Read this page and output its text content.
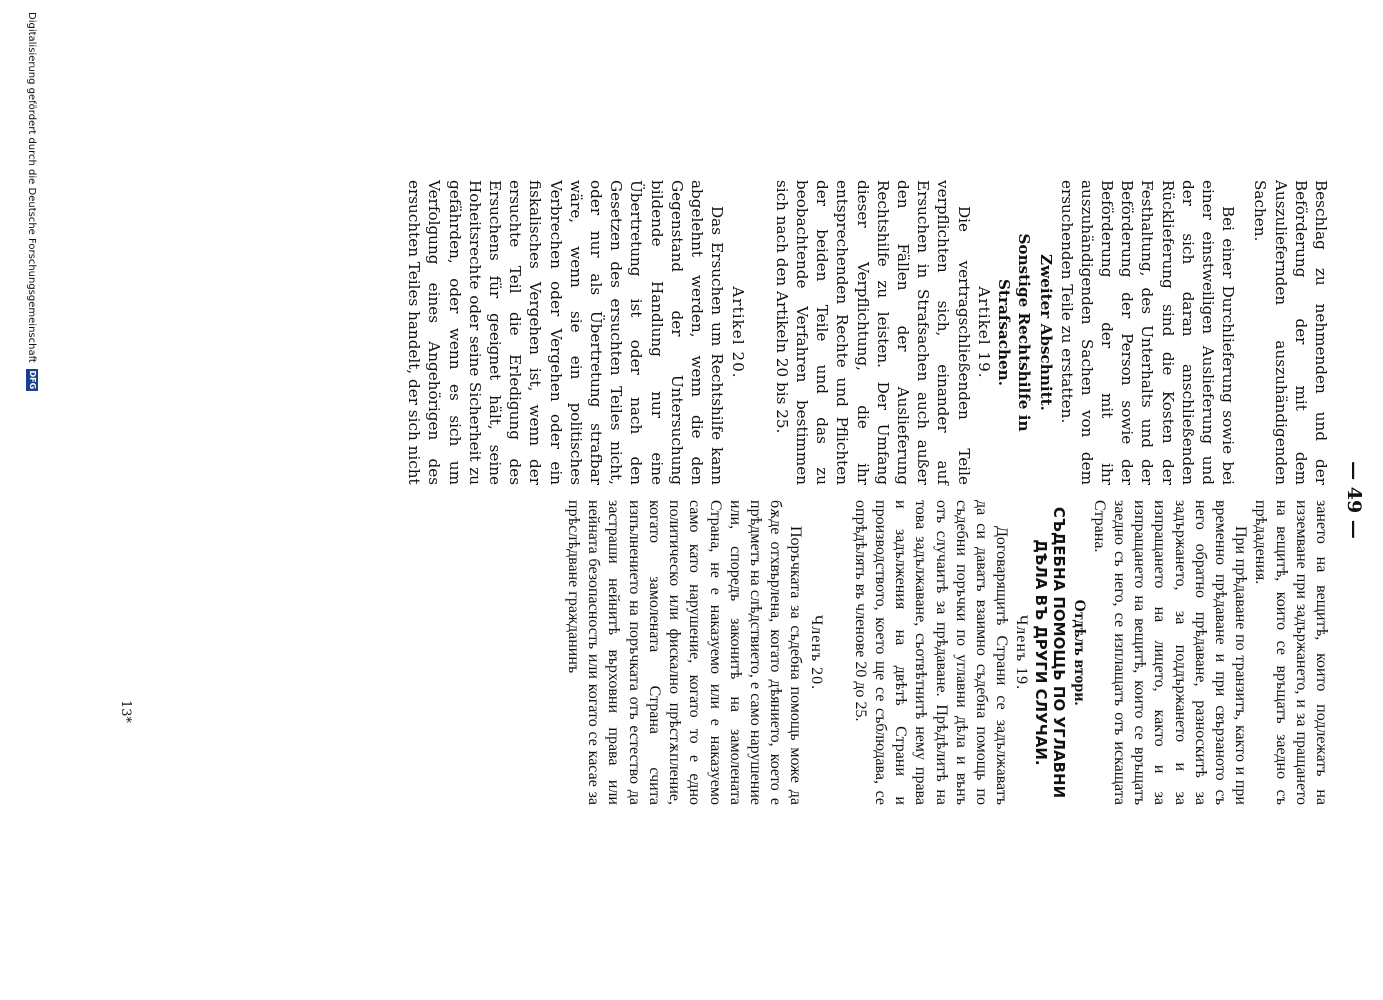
— 49 —

Beschlag zu nehmenden und der Beförderung der mit dem Auszuliefernden auszuhändigenden Sachen.

Bei einer Durchlieferung sowie bei einer einstweiligen Auslieferung und der sich daran anschließenden Rücklieferung sind die Kosten der Festhaltung, des Unterhalts und der Beförderung der Person sowie der Beförderung der mit ihr auszuhändigenden Sachen von dem ersuchenden Teile zu erstatten.

Zweiter Abschnitt.

Sonstige Rechtshilfe in Strafsachen.

Artikel 19.

Die vertragschließenden Teile verpflichten sich, einander auf Ersuchen in Strafsachen auch außer den Fällen der Auslieferung Rechtshilfe zu leisten. Der Umfang dieser Verpflichtung, die ihr entsprechenden Rechte und Pflichten der beiden Teile und das zu beobachtende Verfahren bestimmen sich nach den Artikeln 20 bis 25.

Artikel 20.

Das Ersuchen um Rechtshilfe kann abgelehnt werden, wenn die den Gegenstand der Untersuchung bildende Handlung nur eine Übertretung ist oder nach den Gesetzen des ersuchten Teiles nicht, oder nur als Übertretung strafbar wäre, wenn sie ein politisches Verbrechen oder Vergehen oder ein fiskalisches Vergehen ist, wenn der ersuchte Teil die Erledigung des Ersuchens für geeignet hält, seine Hoheitsrechte oder seine Sicherheit zu gefährden, oder wenn es sich um Verfolgung eines Angehörigen des ersuchten Teiles handelt, der sich nicht

зането на вещитѣ, които подлежатъ на изземване при задържането, и за пращането на вещитѣ, които се връщатъ заедно съ прѣдадения.

При прѣдаване по транзитъ, както и при временно прѣдаване и при свързаното съ него обратно прѣдаване, разноскитѣ за задържането, за поддържането и за изпращането на лицето, както и за изпращането на вещитѣ, които се връщатъ заедно съ него, се изплащатъ отъ искащата Страна.

Отдѣлъ втори.

СЪДЕБНА ПОМОЩЬ ПО УГЛАВНИ ДѢЛА ВЪ ДРУГИ СЛУЧАИ.

Членъ 19.

Договарящитѣ Страни се задължаватъ да си даватъ взаимно съдебна помощь по съдебни поръчки по углавни дѣла и вънъ отъ случаитѣ за прѣдаване. Прѣдѣлитѣ на това задължаване, съотвѣтнитѣ нему права и задължения на двѣтѣ Страни и производството, което ще се съблюдава, се опрѣдѣлять въ членове 20 до 25.

Членъ 20.

Поръчката за съдебна помощь може да бѫде отхвърлена, когато дѣянието, което е прѣдметъ на слѣдствието, е само нарушение или, споредъ законитѣ на замолената Страна, не е наказуемо или е наказуемо само като нарушение, когато то е едно политическо или фискално прѣстѫпление, когато замолената Страна счита изпълнението на поръчката отъ естество да застраши нейнитѣ върховни права или нейната безопасность или когато се касае за прѣслѣдване гражданинъ

13*
Digitalisierung gefördert durch die Deutsche Forschungsgemeinschaft
DFG
